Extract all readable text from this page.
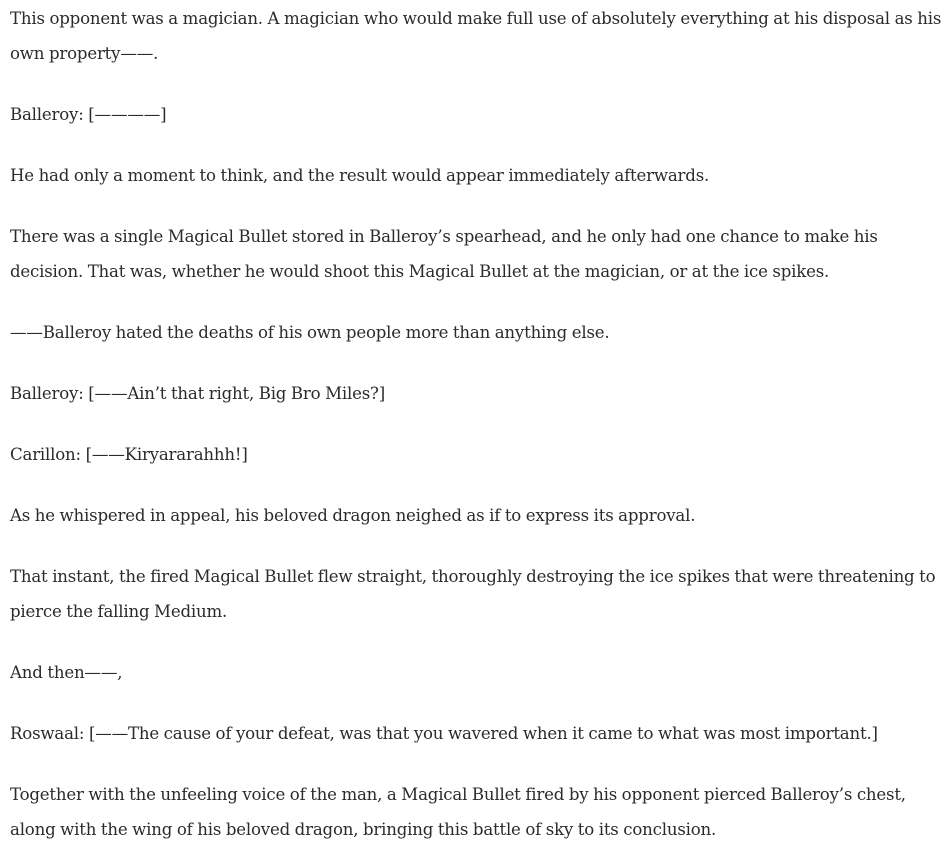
This opponent was a magician. A magician who would make full use of absolutely everything at his disposal as his own property——.

Balleroy: [————]

He had only a moment to think, and the result would appear immediately afterwards.

There was a single Magical Bullet stored in Balleroy’s spearhead, and he only had one chance to make his decision. That was, whether he would shoot this Magical Bullet at the magician, or at the ice spikes.

——Balleroy hated the deaths of his own people more than anything else.

Balleroy: [——Ain’t that right, Big Bro Miles?]

Carillon: [——Kiryararahhh!]

As he whispered in appeal, his beloved dragon neighed as if to express its approval.

That instant, the fired Magical Bullet flew straight, thoroughly destroying the ice spikes that were threatening to pierce the falling Medium.

And then——,

Roswaal: [——The cause of your defeat, was that you wavered when it came to what was most important.]

Together with the unfeeling voice of the man, a Magical Bullet fired by his opponent pierced Balleroy’s chest, along with the wing of his beloved dragon, bringing this battle of sky to its conclusion.
